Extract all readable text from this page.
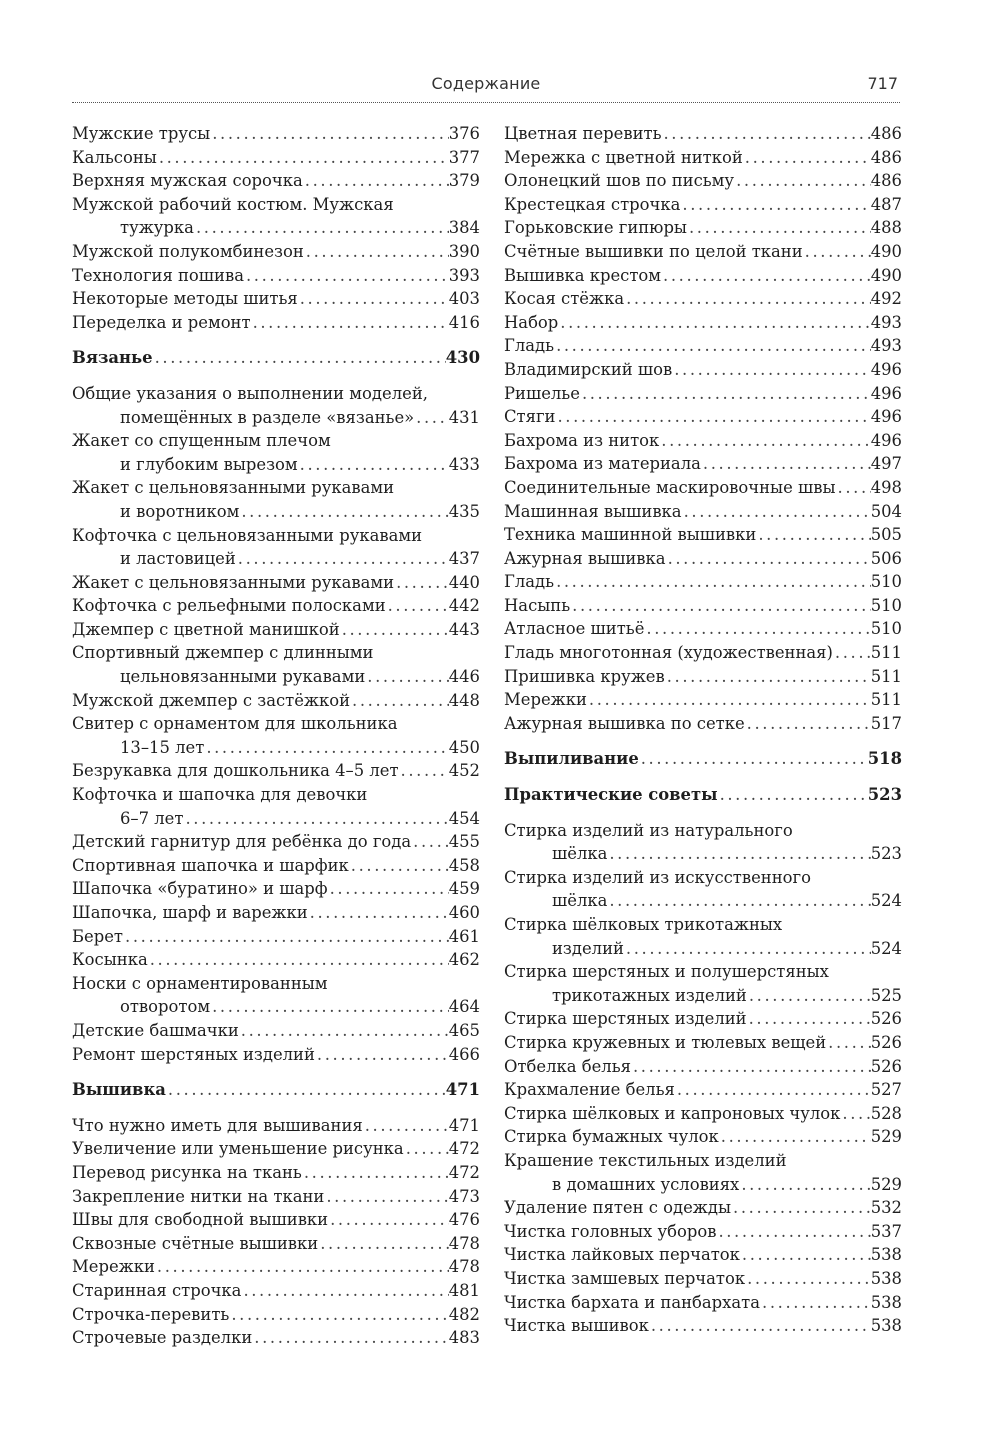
Содержание	717
Мужские трусы .....	376
Кальсоны .....	377
Верхняя мужская сорочка .....	379
Мужской рабочий костюм. Мужская
тужурка .....	384
Мужской полукомбинезон .....	390
Технология пошива .....	393
Некоторые методы шитья .....	403
Переделка и ремонт .....	416
Вязанье .....	430
Общие указания о выполнении моделей,
помещённых в разделе «вязанье» ..... 431
Жакет со спущенным плечом
и глубоким вырезом .....	433
Жакет с цельновязанными рукавами
и воротником .....	435
Кофточка с цельновязанными рукавами
и ластовицей .....	437
Жакет с цельновязанными рукавами .....	440
Кофточка с рельефными полосками .....	442
Джемпер с цветной манишкой .....	443
Спортивный джемпер с длинными
цельновязанными рукавами .....	446
Мужской джемпер с застёжкой .....	448
Свитер с орнаментом для школьника
13–15 лет .....	450
Безрукавка для дошкольника 4–5 лет .....	452
Кофточка и шапочка для девочки
6–7 лет .....	454
Детский гарнитур для ребёнка до года ..... 455
Спортивная шапочка и шарфик .....	458
Шапочка «буратино» и шарф .....	459
Шапочка, шарф и варежки .....	460
Берет .....	461
Косынка .....	462
Носки с орнаментированным
отворотом .....	464
Детские башмачки .....	465
Ремонт шерстяных изделий .....	466
Вышивка .....	471
Что нужно иметь для вышивания .....	471
Увеличение или уменьшение рисунка .....	472
Перевод рисунка на ткань .....	472
Закрепление нитки на ткани .....	473
Швы для свободной вышивки .....	476
Сквозные счётные вышивки .....	478
Мережки .....	478
Старинная строчка .....	481
Строчка-перевить .....	482
Строчевые разделки .....	483
Цветная перевить .....	486
Мережка с цветной ниткой .....	486
Олонецкий шов по письму .....	486
Крестецкая строчка .....	487
Горьковские гипюры .....	488
Счётные вышивки по целой ткани .....	490
Вышивка крестом .....	490
Косая стёжка .....	492
Набор .....	493
Гладь .....	493
Владимирский шов .....	496
Ришелье .....	496
Стяги .....	496
Бахрома из ниток .....	496
Бахрома из материала .....	497
Соединительные маскировочные швы ..... 498
Машинная вышивка .....	504
Техника машинной вышивки .....	505
Ажурная вышивка .....	506
Гладь .....	510
Насыпь .....	510
Атласное шитьё .....	510
Гладь многотонная (художественная) ..... 511
Пришивка кружев .....	511
Мережки .....	511
Ажурная вышивка по сетке .....	517
Выпиливание .....	518
Практические советы .....	523
Стирка изделий из натурального
шёлка .....	523
Стирка изделий из искусственного
шёлка .....	524
Стирка шёлковых трикотажных
изделий .....	524
Стирка шерстяных и полушерстяных
трикотажных изделий .....	525
Стирка шерстяных изделий .....	526
Стирка кружевных и тюлевых вещей .....	526
Отбелка белья .....	526
Крахмаление белья .....	527
Стирка шёлковых и капроновых чулок ..... 528
Стирка бумажных чулок .....	529
Крашение текстильных изделий
в домашних условиях .....	529
Удаление пятен с одежды .....	532
Чистка головных уборов .....	537
Чистка лайковых перчаток .....	538
Чистка замшевых перчаток .....	538
Чистка бархата и панбархата .....	538
Чистка вышивок .....	538
